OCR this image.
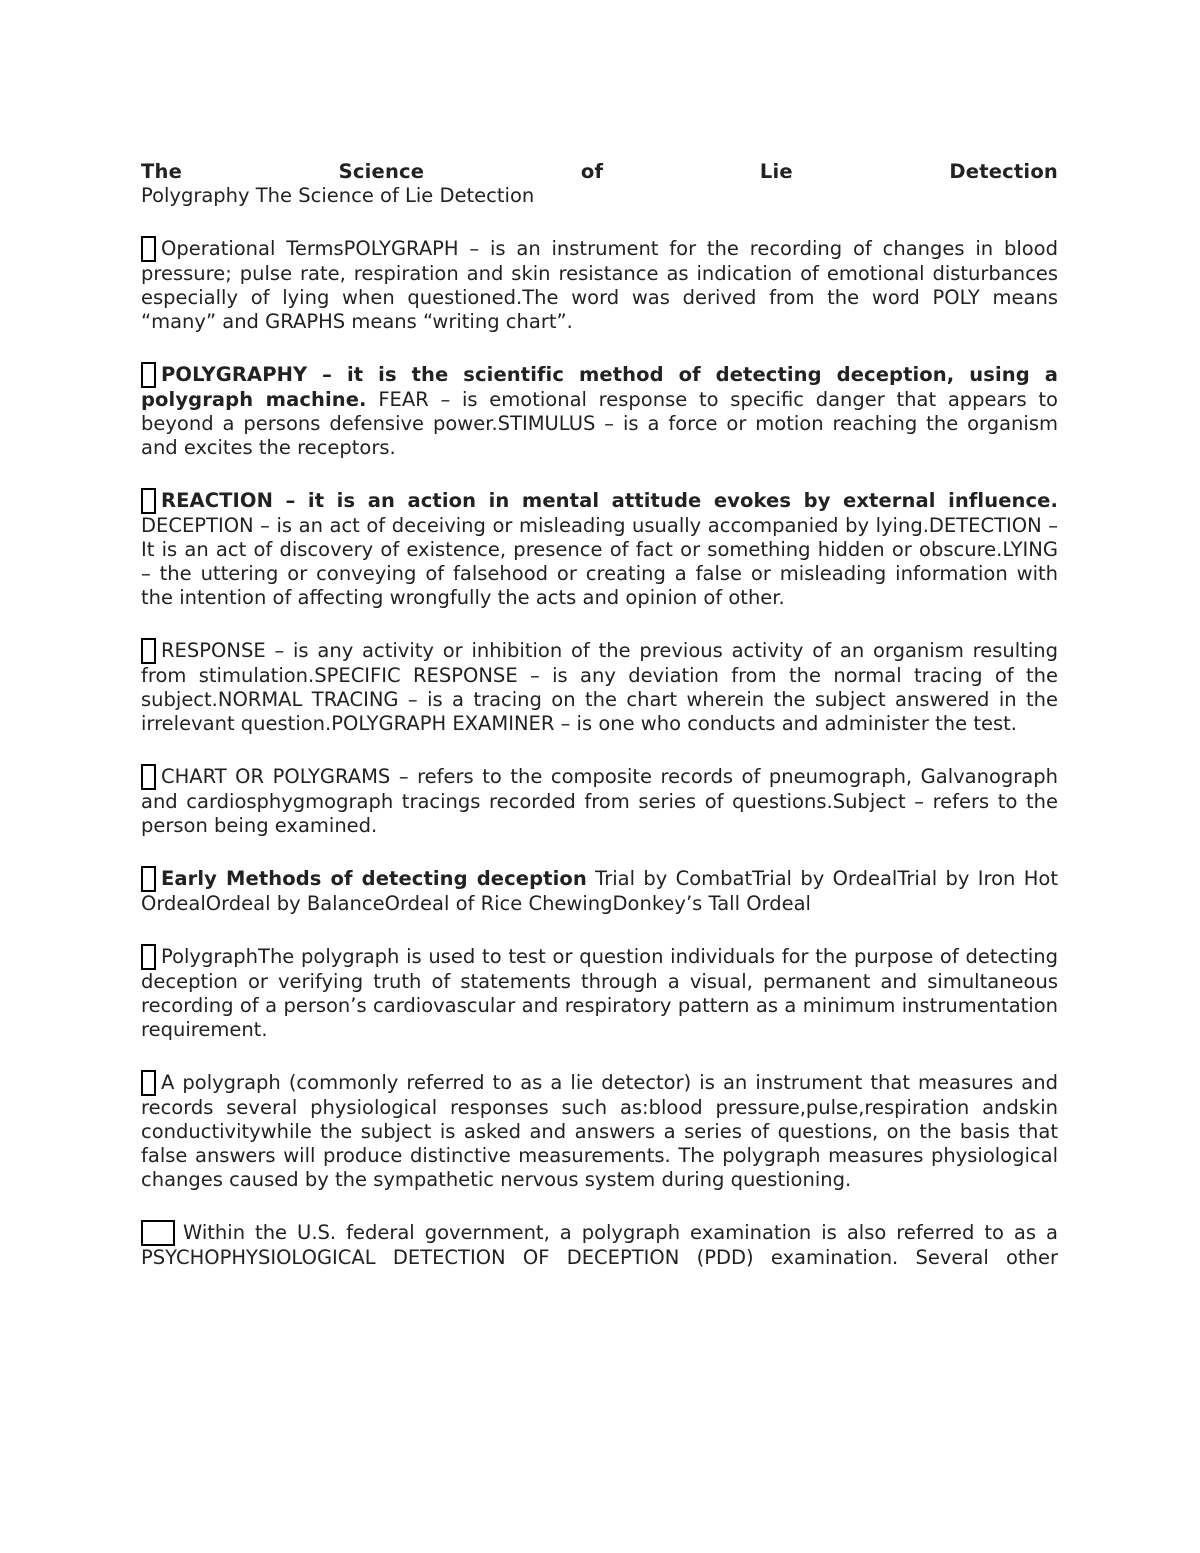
The	Science	of	Lie	Detection
Polygraphy The Science of Lie Detection

Operational TermsPOLYGRAPH – is an instrument for the recording of changes in blood pressure; pulse rate, respiration and skin resistance as indication of emotional disturbances especially of lying when questioned.The word was derived from the word POLY means “many” and GRAPHS means “writing chart”.

POLYGRAPHY – it is the scientific method of detecting deception, using a polygraph machine. FEAR – is emotional response to specific danger that appears to beyond a persons defensive power.STIMULUS – is a force or motion reaching the organism and excites the receptors.

REACTION – it is an action in mental attitude evokes by external influence. DECEPTION – is an act of deceiving or misleading usually accompanied by lying.DETECTION – It is an act of discovery of existence, presence of fact or something hidden or obscure.LYING – the uttering or conveying of falsehood or creating a false or misleading information with the intention of affecting wrongfully the acts and opinion of other.

RESPONSE – is any activity or inhibition of the previous activity of an organism resulting from stimulation.SPECIFIC RESPONSE – is any deviation from the normal tracing of the subject.NORMAL TRACING – is a tracing on the chart wherein the subject answered in the irrelevant question.POLYGRAPH EXAMINER – is one who conducts and administer the test.

CHART OR POLYGRAMS – refers to the composite records of pneumograph, Galvanograph and cardiosphygmograph tracings recorded from series of questions.Subject – refers to the person being examined.

Early Methods of detecting deception Trial by CombatTrial by OrdealTrial by Iron Hot OrdealOrdeal by BalanceOrdeal of Rice ChewingDonkey’s Tall Ordeal

PolygraphThe polygraph is used to test or question individuals for the purpose of detecting deception or verifying truth of statements through a visual, permanent and simultaneous recording of a person’s cardiovascular and respiratory pattern as a minimum instrumentation requirement.

A polygraph (commonly referred to as a lie detector) is an instrument that measures and records several physiological responses such as:blood pressure,pulse,respiration andskin conductivitywhile the subject is asked and answers a series of questions, on the basis that false answers will produce distinctive measurements. The polygraph measures physiological changes caused by the sympathetic nervous system during questioning.

Within the U.S. federal government, a polygraph examination is also referred to as a PSYCHOPHYSIOLOGICAL DETECTION OF DECEPTION (PDD) examination. Several other
